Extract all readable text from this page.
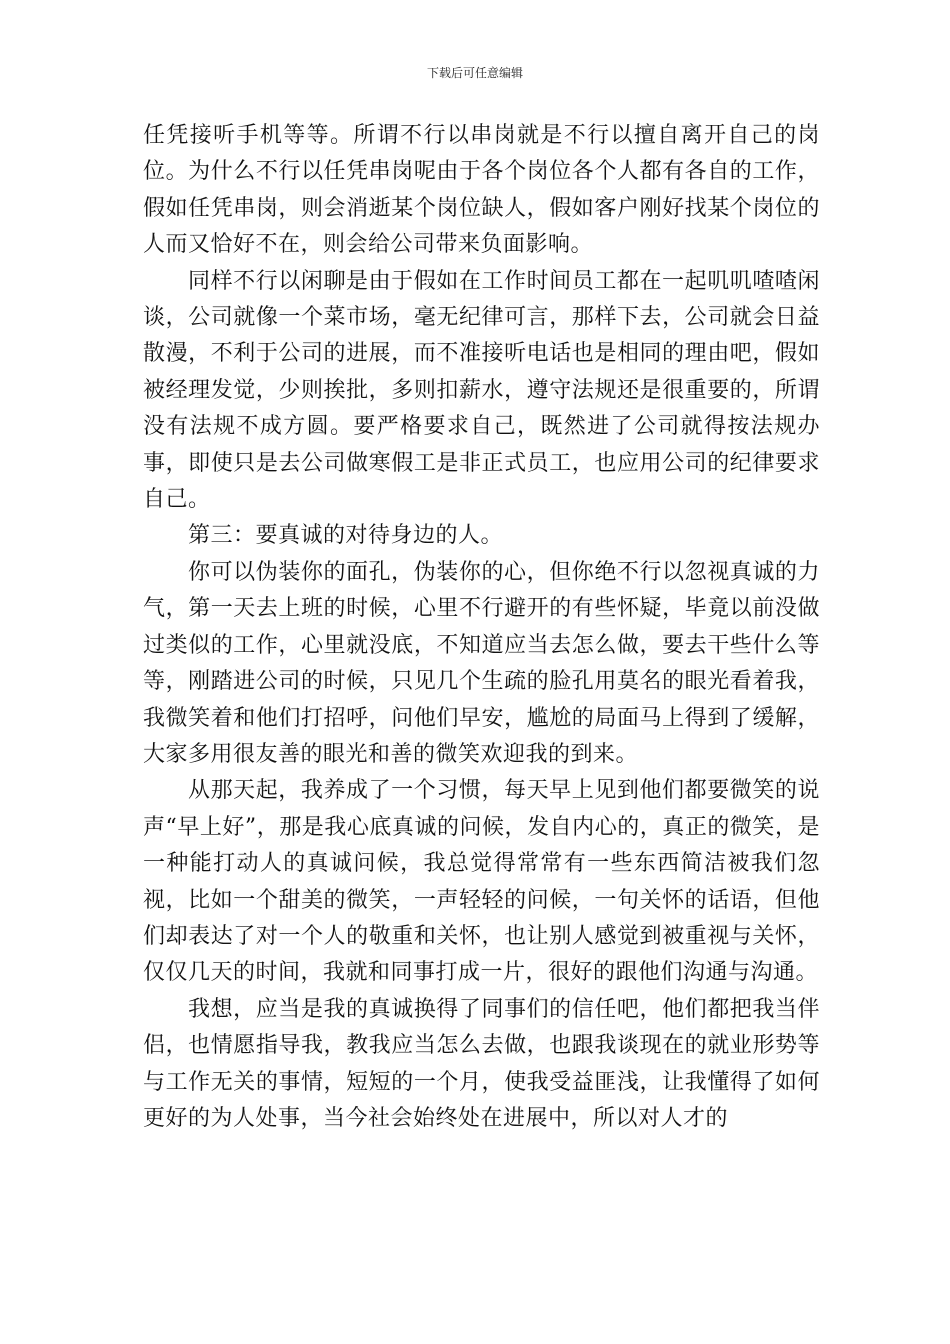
下载后可任意编辑

任凭接听手机等等。所谓不行以串岗就是不行以擅自离开自己的岗位。为什么不行以任凭串岗呢由于各个岗位各个人都有各自的工作，假如任凭串岗，则会消逝某个岗位缺人，假如客户刚好找某个岗位的人而又恰好不在，则会给公司带来负面影响。

同样不行以闲聊是由于假如在工作时间员工都在一起叽叽喳喳闲谈，公司就像一个菜市场，毫无纪律可言，那样下去，公司就会日益散漫，不利于公司的进展，而不准接听电话也是相同的理由吧，假如被经理发觉，少则挨批，多则扣薪水，遵守法规还是很重要的，所谓没有法规不成方圆。要严格要求自己，既然进了公司就得按法规办事，即使只是去公司做寒假工是非正式员工，也应用公司的纪律要求自己。

第三：要真诚的对待身边的人。

你可以伪装你的面孔，伪装你的心，但你绝不行以忽视真诚的力气，第一天去上班的时候，心里不行避开的有些怀疑，毕竟以前没做过类似的工作，心里就没底，不知道应当去怎么做，要去干些什么等等，刚踏进公司的时候，只见几个生疏的脸孔用莫名的眼光看着我，我微笑着和他们打招呼，问他们早安，尴尬的局面马上得到了缓解，大家多用很友善的眼光和善的微笑欢迎我的到来。

从那天起，我养成了一个习惯，每天早上见到他们都要微笑的说声“早上好”，那是我心底真诚的问候，发自内心的，真正的微笑，是一种能打动人的真诚问候，我总觉得常常有一些东西简洁被我们忽视，比如一个甜美的微笑，一声轻轻的问候，一句关怀的话语，但他们却表达了对一个人的敬重和关怀，也让别人感觉到被重视与关怀，仅仅几天的时间，我就和同事打成一片，很好的跟他们沟通与沟通。

我想，应当是我的真诚换得了同事们的信任吧，他们都把我当伴侣，也情愿指导我，教我应当怎么去做，也跟我谈现在的就业形势等与工作无关的事情，短短的一个月，使我受益匪浅，让我懂得了如何更好的为人处事，当今社会始终处在进展中，所以对人才的
